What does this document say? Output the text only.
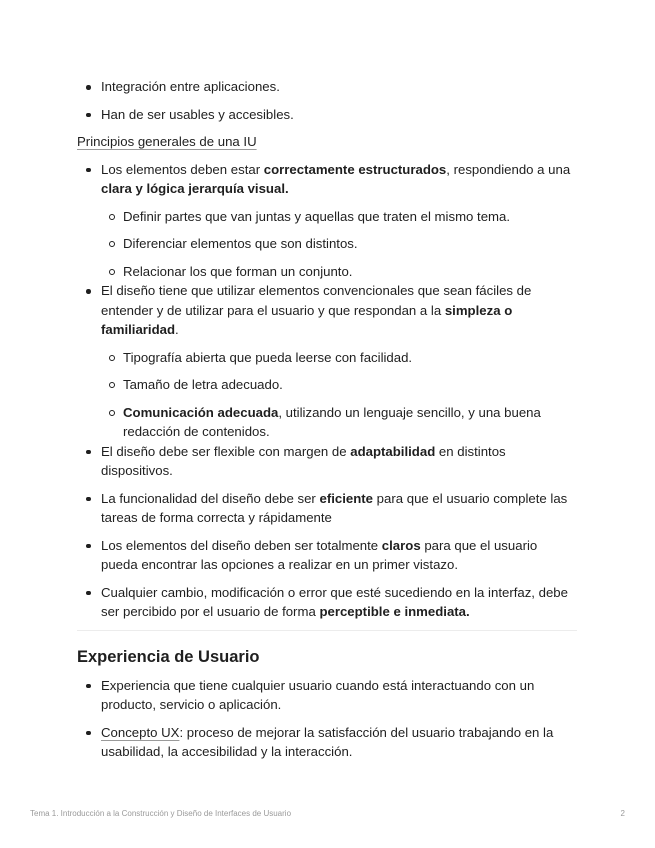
Integración entre aplicaciones.
Han de ser usables y accesibles.

Principios generales de una IU

Los elementos deben estar correctamente estructurados, respondiendo a una clara y lógica jerarquía visual.
Definir partes que van juntas y aquellas que traten el mismo tema.
Diferenciar elementos que son distintos.
Relacionar los que forman un conjunto.
El diseño tiene que utilizar elementos convencionales que sean fáciles de entender y de utilizar para el usuario y que respondan a la simpleza o familiaridad.
Tipografía abierta que pueda leerse con facilidad.
Tamaño de letra adecuado.
Comunicación adecuada, utilizando un lenguaje sencillo, y una buena redacción de contenidos.
El diseño debe ser flexible con margen de adaptabilidad en distintos dispositivos.
La funcionalidad del diseño debe ser eficiente para que el usuario complete las tareas de forma correcta y rápidamente
Los elementos del diseño deben ser totalmente claros para que el usuario pueda encontrar las opciones a realizar en un primer vistazo.
Cualquier cambio, modificación o error que esté sucediendo en la interfaz, debe ser percibido por el usuario de forma perceptible e inmediata.
Experiencia de Usuario
Experiencia que tiene cualquier usuario cuando está interactuando con un producto, servicio o aplicación.
Concepto UX: proceso de mejorar la satisfacción del usuario trabajando en la usabilidad, la accesibilidad y la interacción.
Tema 1. Introducción a la Construcción y Diseño de Interfaces de Usuario	2
